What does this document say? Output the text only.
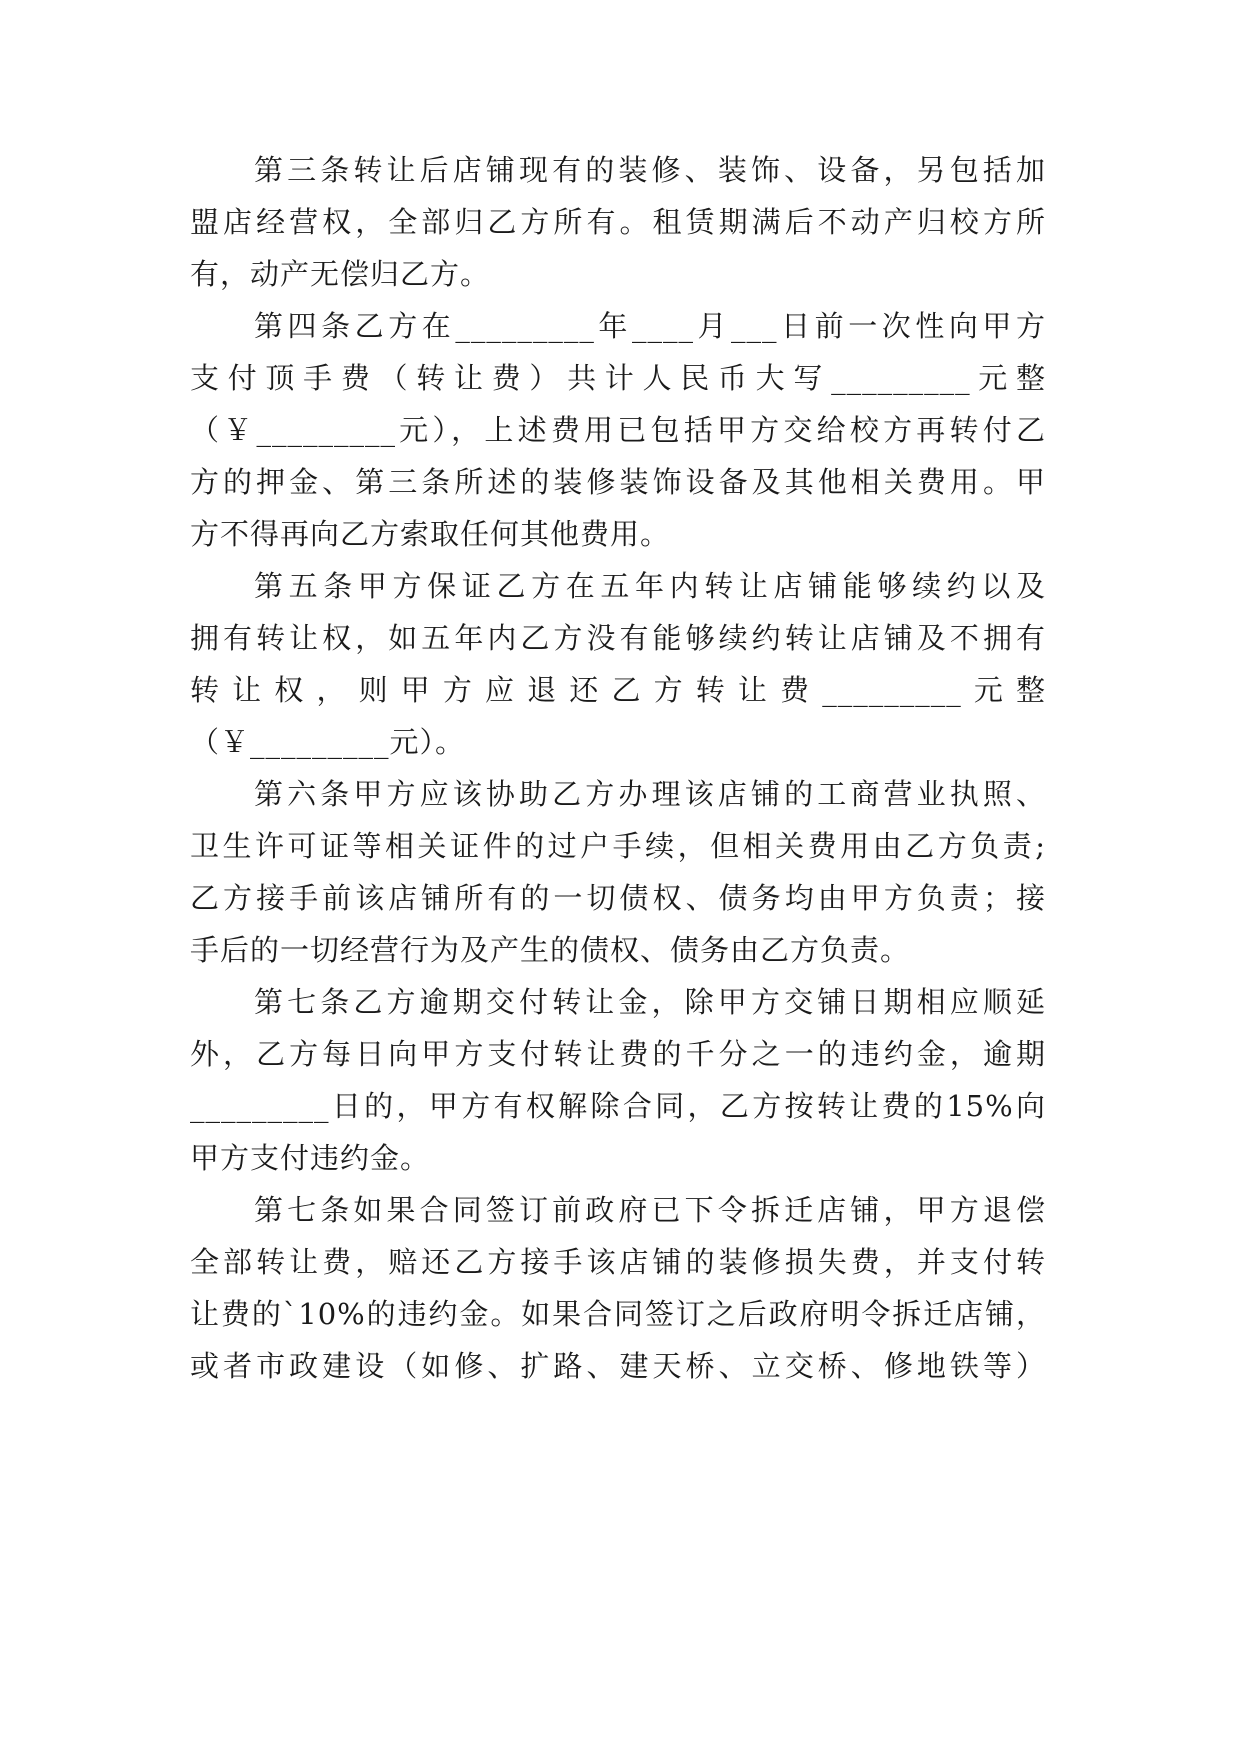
第三条转让后店铺现有的装修、装饰、设备，另包括加
盟店经营权，全部归乙方所有。租赁期满后不动产归校方所
有，动产无偿归乙方。
第四条乙方在_________年____月___日前一次性向甲方
支付顶手费（转让费）共计人民币大写_________元整
（￥_________元），上述费用已包括甲方交给校方再转付乙
方的押金、第三条所述的装修装饰设备及其他相关费用。甲
方不得再向乙方索取任何其他费用。
第五条甲方保证乙方在五年内转让店铺能够续约以及
拥有转让权，如五年内乙方没有能够续约转让店铺及不拥有
转让权，则甲方应退还乙方转让费_________元整
（￥_________元）。
第六条甲方应该协助乙方办理该店铺的工商营业执照、
卫生许可证等相关证件的过户手续，但相关费用由乙方负责;
乙方接手前该店铺所有的一切债权、债务均由甲方负责；接
手后的一切经营行为及产生的债权、债务由乙方负责。
第七条乙方逾期交付转让金，除甲方交铺日期相应顺延
外，乙方每日向甲方支付转让费的千分之一的违约金，逾期
_________日的，甲方有权解除合同，乙方按转让费的15%向
甲方支付违约金。
第七条如果合同签订前政府已下令拆迁店铺，甲方退偿
全部转让费，赔还乙方接手该店铺的装修损失费，并支付转
让费的`10%的违约金。如果合同签订之后政府明令拆迁店铺，
或者市政建设（如修、扩路、建天桥、立交桥、修地铁等）
